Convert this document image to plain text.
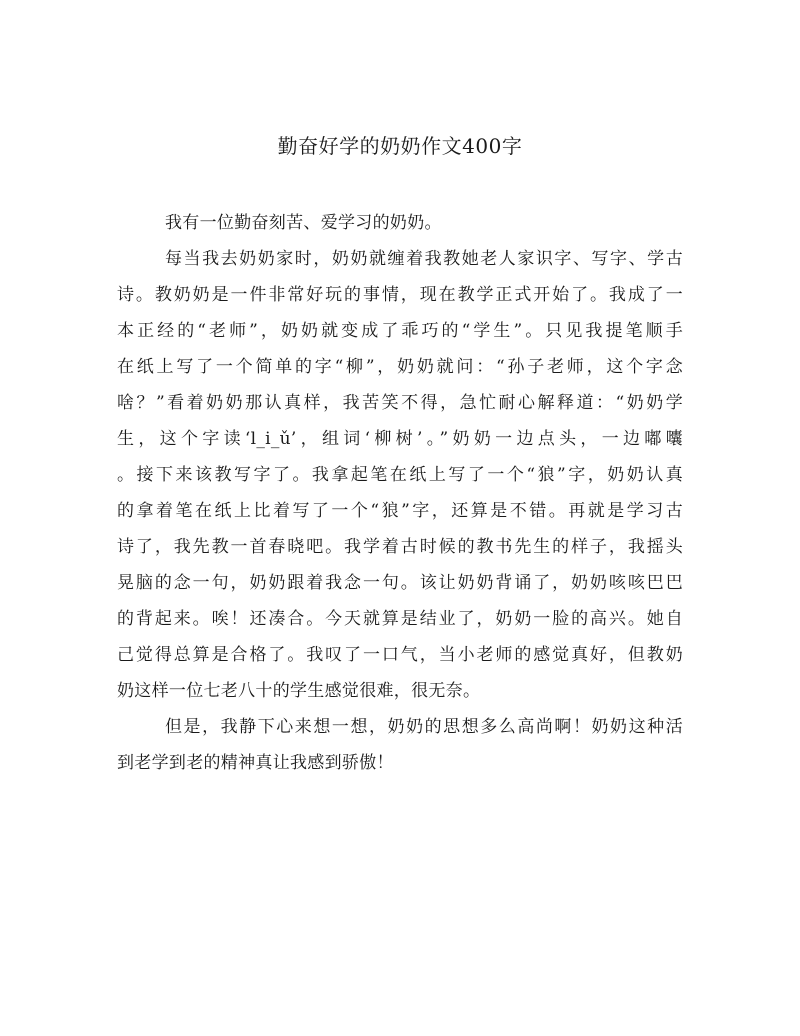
勤奋好学的奶奶作文400字
我有一位勤奋刻苦、爱学习的奶奶。
每当我去奶奶家时，奶奶就缠着我教她老人家识字、写字、学古
诗。教奶奶是一件非常好玩的事情，现在教学正式开始了。我成了一
本正经的“老师”，奶奶就变成了乖巧的“学生”。只见我提笔顺手
在纸上写了一个简单的字“柳”，奶奶就问：“孙子老师，这个字念
啥？”看着奶奶那认真样，我苦笑不得，急忙耐心解释道：“奶奶学
生，这个字读‘l_i_ǔ’，组词‘柳树’。”奶奶一边点头，一边嘟囔
。接下来该教写字了。我拿起笔在纸上写了一个“狼”字，奶奶认真
的拿着笔在纸上比着写了一个“狼”字，还算是不错。再就是学习古
诗了，我先教一首春晓吧。我学着古时候的教书先生的样子，我摇头
晃脑的念一句，奶奶跟着我念一句。该让奶奶背诵了，奶奶咳咳巴巴
的背起来。唉！还凑合。今天就算是结业了，奶奶一脸的高兴。她自
己觉得总算是合格了。我叹了一口气，当小老师的感觉真好，但教奶
奶这样一位七老八十的学生感觉很难，很无奈。
但是，我静下心来想一想，奶奶的思想多么高尚啊！奶奶这种活
到老学到老的精神真让我感到骄傲！
